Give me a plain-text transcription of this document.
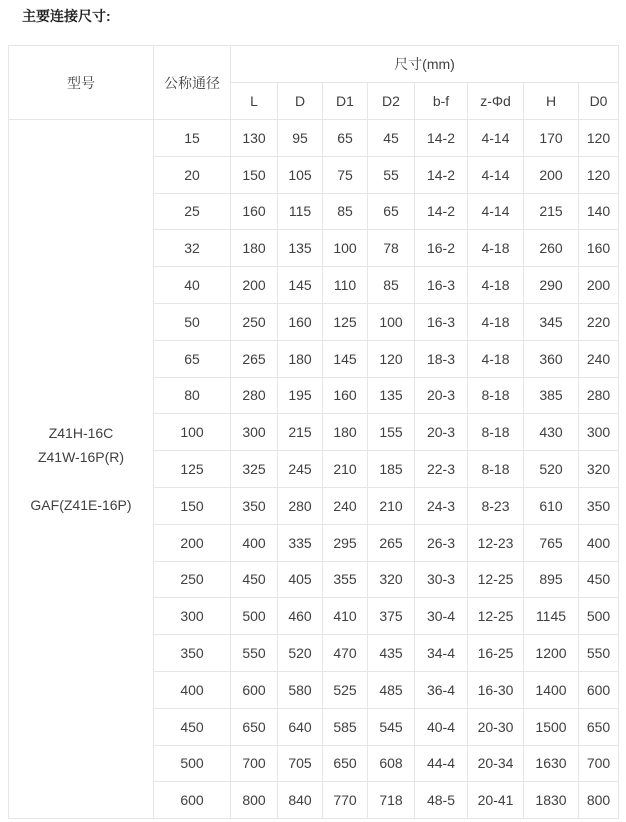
主要连接尺寸:
型号	公称通径	尺寸(mm)							
		L	D	D1	D2	b-f	z-Φd	H	D0

Z41H-16C
Z41W-16P(R)
GAF(Z41E-16P)	15	130	95	65	45	14-2	4-14	170	120
	20	150	105	75	55	14-2	4-14	200	120
	25	160	115	85	65	14-2	4-14	215	140
	32	180	135	100	78	16-2	4-18	260	160
	40	200	145	110	85	16-3	4-18	290	200
	50	250	160	125	100	16-3	4-18	345	220
	65	265	180	145	120	18-3	4-18	360	240
	80	280	195	160	135	20-3	8-18	385	280
	100	300	215	180	155	20-3	8-18	430	300
	125	325	245	210	185	22-3	8-18	520	320
	150	350	280	240	210	24-3	8-23	610	350
	200	400	335	295	265	26-3	12-23	765	400
	250	450	405	355	320	30-3	12-25	895	450
	300	500	460	410	375	30-4	12-25	1145	500
	350	550	520	470	435	34-4	16-25	1200	550
	400	600	580	525	485	36-4	16-30	1400	600
	450	650	640	585	545	40-4	20-30	1500	650
	500	700	705	650	608	44-4	20-34	1630	700
	600	800	840	770	718	48-5	20-41	1830	800
